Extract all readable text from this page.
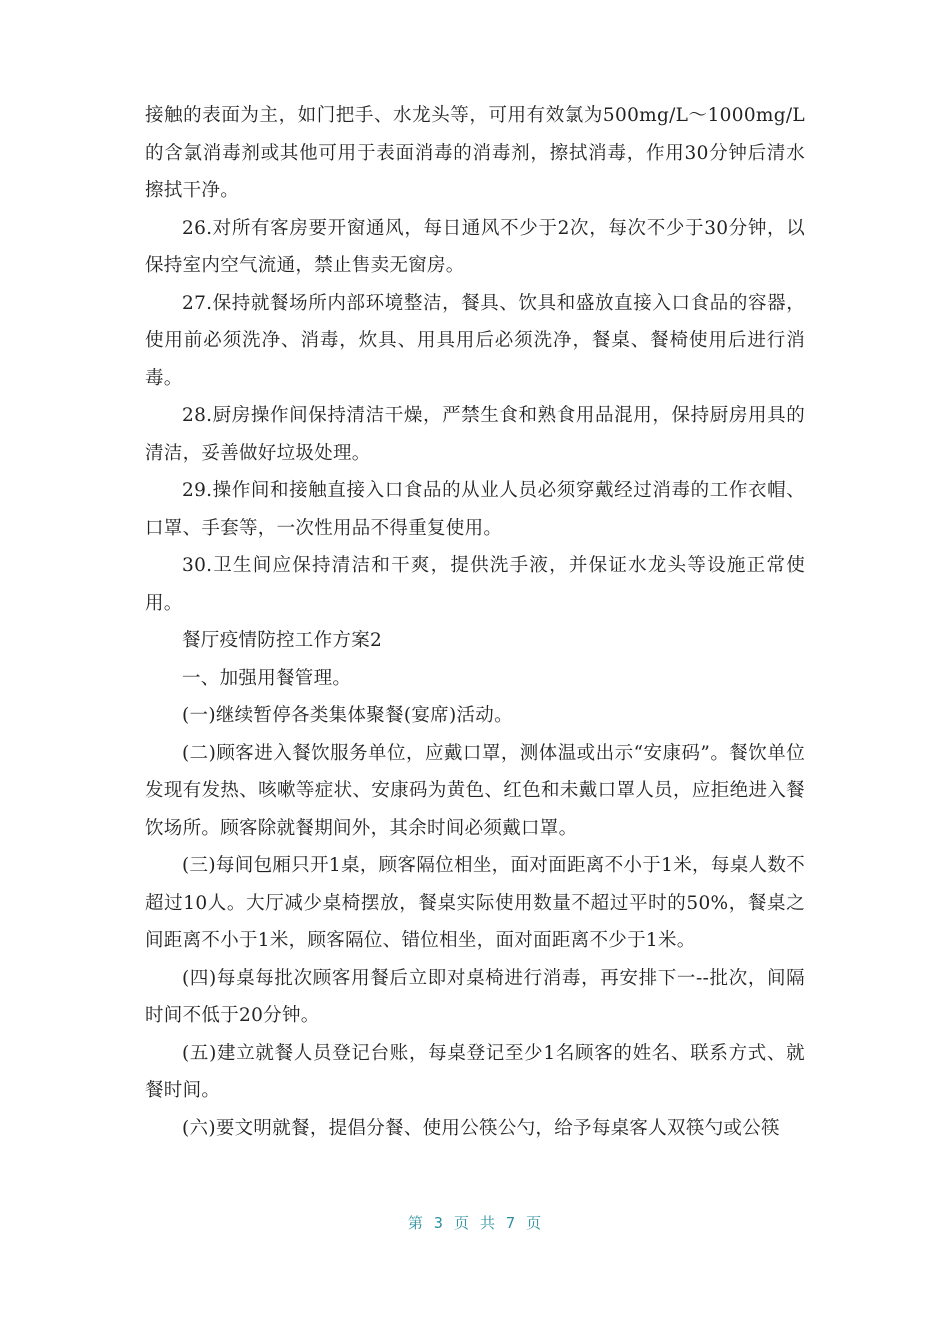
接触的表面为主，如门把手、水龙头等，可用有效氯为500mg/L～1000mg/L的含氯消毒剂或其他可用于表面消毒的消毒剂，擦拭消毒，作用30分钟后清水擦拭干净。

26.对所有客房要开窗通风，每日通风不少于2次，每次不少于30分钟，以保持室内空气流通，禁止售卖无窗房。

27.保持就餐场所内部环境整洁，餐具、饮具和盛放直接入口食品的容器，使用前必须洗净、消毒，炊具、用具用后必须洗净，餐桌、餐椅使用后进行消毒。

28.厨房操作间保持清洁干燥，严禁生食和熟食用品混用，保持厨房用具的清洁，妥善做好垃圾处理。

29.操作间和接触直接入口食品的从业人员必须穿戴经过消毒的工作衣帽、口罩、手套等，一次性用品不得重复使用。

30.卫生间应保持清洁和干爽，提供洗手液，并保证水龙头等设施正常使用。

餐厅疫情防控工作方案2

一、加强用餐管理。

(一)继续暂停各类集体聚餐(宴席)活动。

(二)顾客进入餐饮服务单位，应戴口罩，测体温或出示“安康码”。餐饮单位发现有发热、咳嗽等症状、安康码为黄色、红色和未戴口罩人员，应拒绝进入餐饮场所。顾客除就餐期间外，其余时间必须戴口罩。

(三)每间包厢只开1桌，顾客隔位相坐，面对面距离不小于1米，每桌人数不超过10人。大厅减少桌椅摆放，餐桌实际使用数量不超过平时的50%，餐桌之间距离不小于1米，顾客隔位、错位相坐，面对面距离不少于1米。

(四)每桌每批次顾客用餐后立即对桌椅进行消毒，再安排下一--批次，间隔时间不低于20分钟。

(五)建立就餐人员登记台账，每桌登记至少1名顾客的姓名、联系方式、就餐时间。

(六)要文明就餐，提倡分餐、使用公筷公勺，给予每桌客人双筷勺或公筷

第 3 页 共 7 页
